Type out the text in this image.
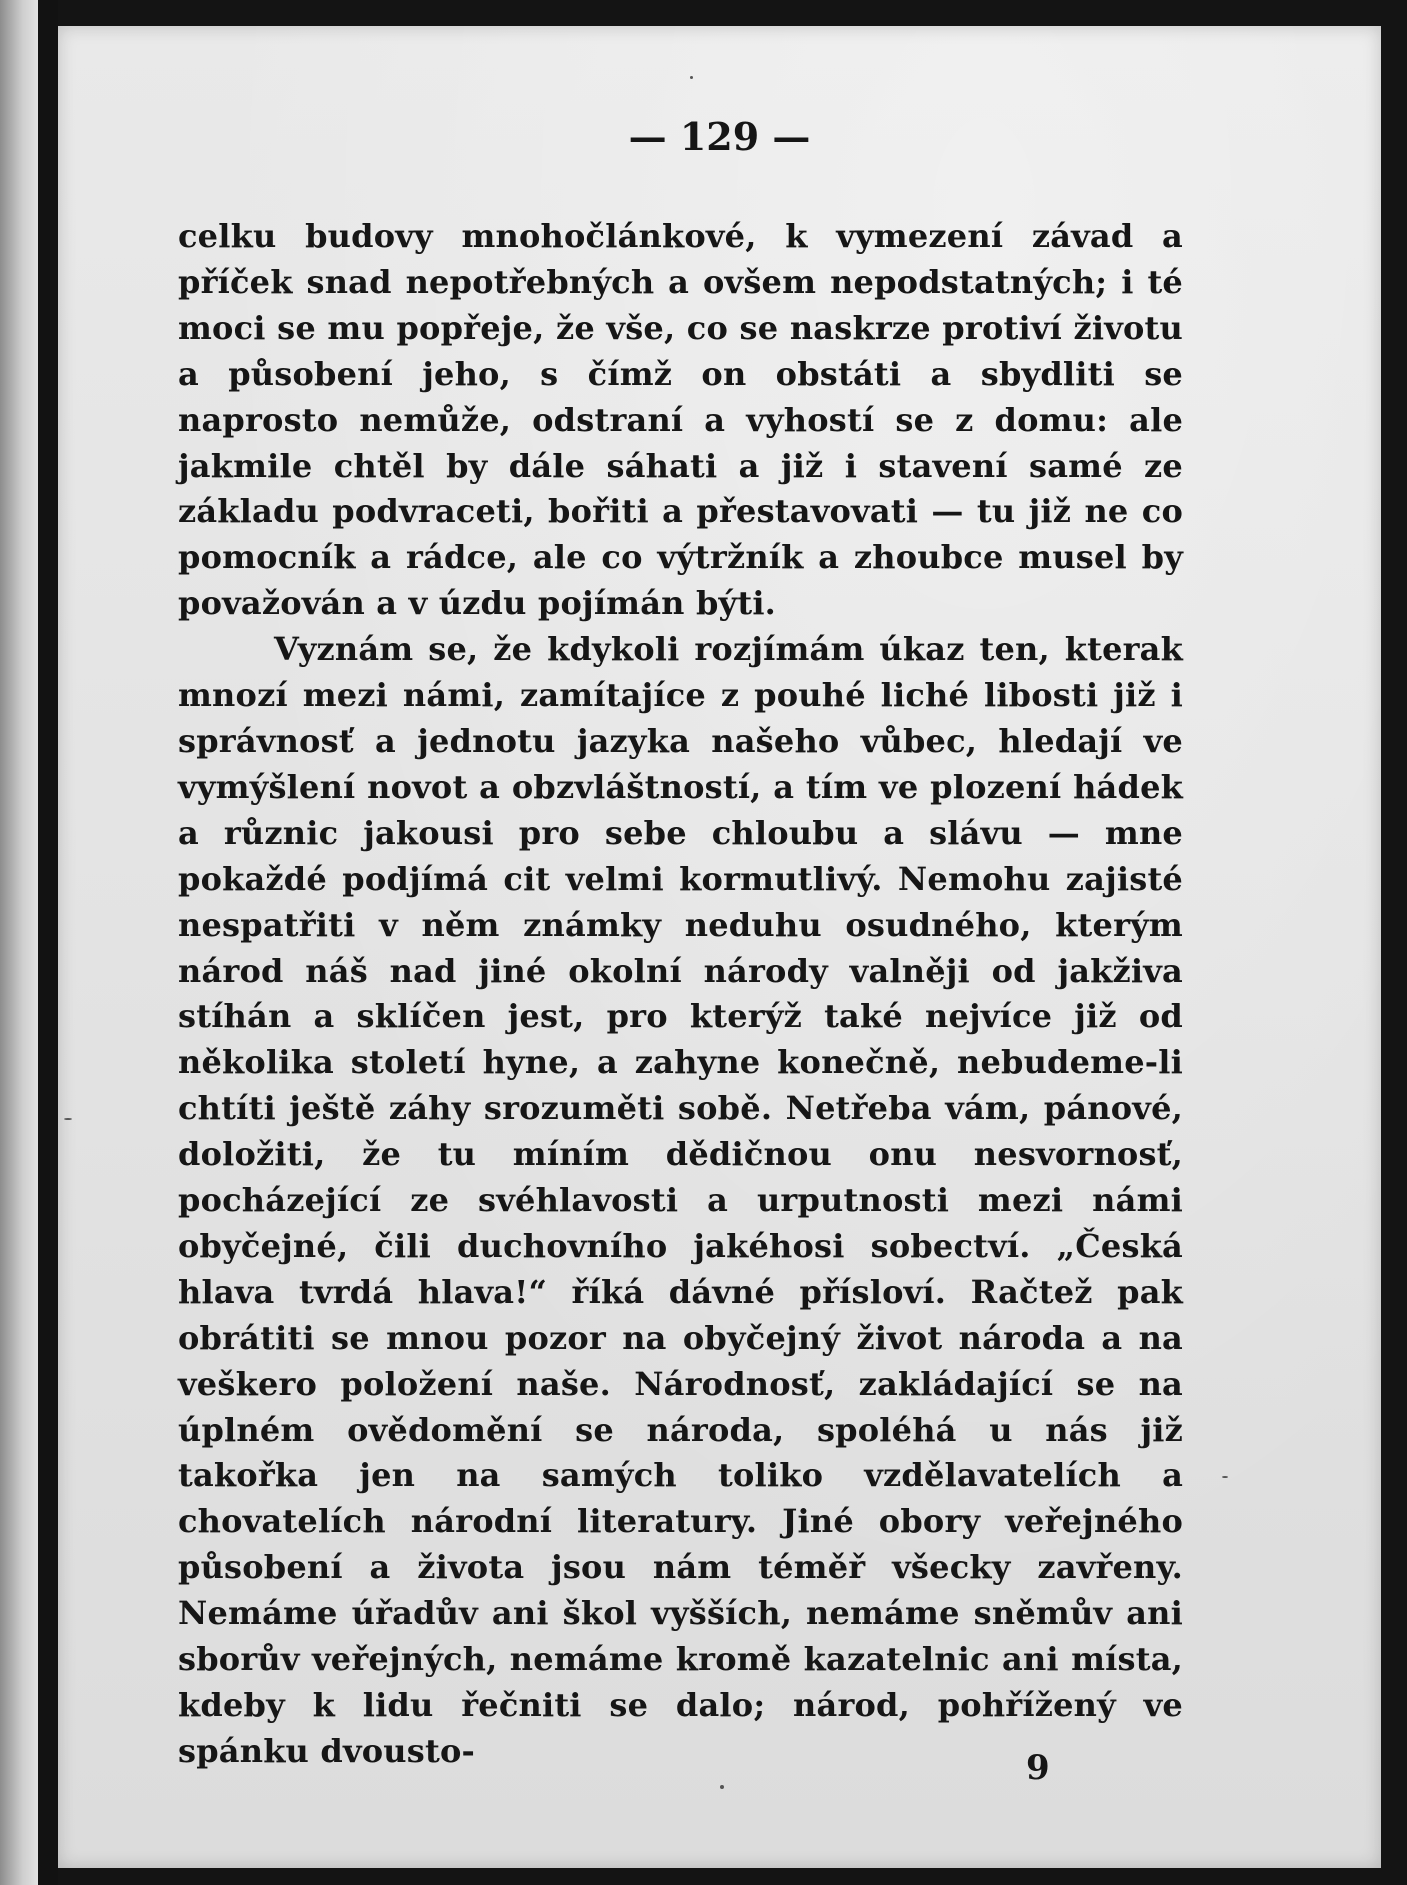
— 129 —

celku budovy mnohočlánkové, k vymezení závad a příček snad nepotřebných a ovšem nepodstatných; i té moci se mu popřeje, že vše, co se naskrze protiví životu a působení jeho, s čímž on obstáti a sbydliti se naprosto nemůže, odstraní a vyhostí se z domu: ale jakmile chtěl by dále sáhati a již i stavení samé ze základu podvraceti, bořiti a přestavovati — tu již ne co pomocník a rádce, ale co výtržník a zhoubce musel by považován a v úzdu pojímán býti.

Vyznám se, že kdykoli rozjímám úkaz ten, kterak mnozí mezi námi, zamítajíce z pouhé liché libosti již i správnosť a jednotu jazyka našeho vůbec, hledají ve vymýšlení novot a obzvláštností, a tím ve plození hádek a různic jakousi pro sebe chloubu a slávu — mne pokaždé podjímá cit velmi kormutlivý. Nemohu zajisté nespatřiti v něm známky neduhu osudného, kterým národ náš nad jiné okolní národy valněji od jakživa stíhán a sklíčen jest, pro kterýž také nejvíce již od několika století hyne, a zahyne konečně, nebudeme-li chtíti ještě záhy srozuměti sobě. Netřeba vám, pánové, doložiti, že tu míním dědičnou onu nesvornosť, pocházející ze svéhlavosti a urputnosti mezi námi obyčejné, čili duchovního jakéhosi sobectví. „Česká hlava tvrdá hlava!“ říká dávné přísloví. Račtež pak obrátiti se mnou pozor na obyčejný život národa a na veškero položení naše. Národnosť, zakládající se na úplném ovědomění se národa, spoléhá u nás již takořka jen na samých toliko vzdělavatelích a chovatelích národní literatury. Jiné obory veřejného působení a života jsou nám téměř všecky zavřeny. Nemáme úřadův ani škol vyšších, nemáme sněmův ani sborův veřejných, nemáme kromě kazatelnic ani místa, kdeby k lidu řečniti se dalo; národ, pohřížený ve spánku dvousto-	9
